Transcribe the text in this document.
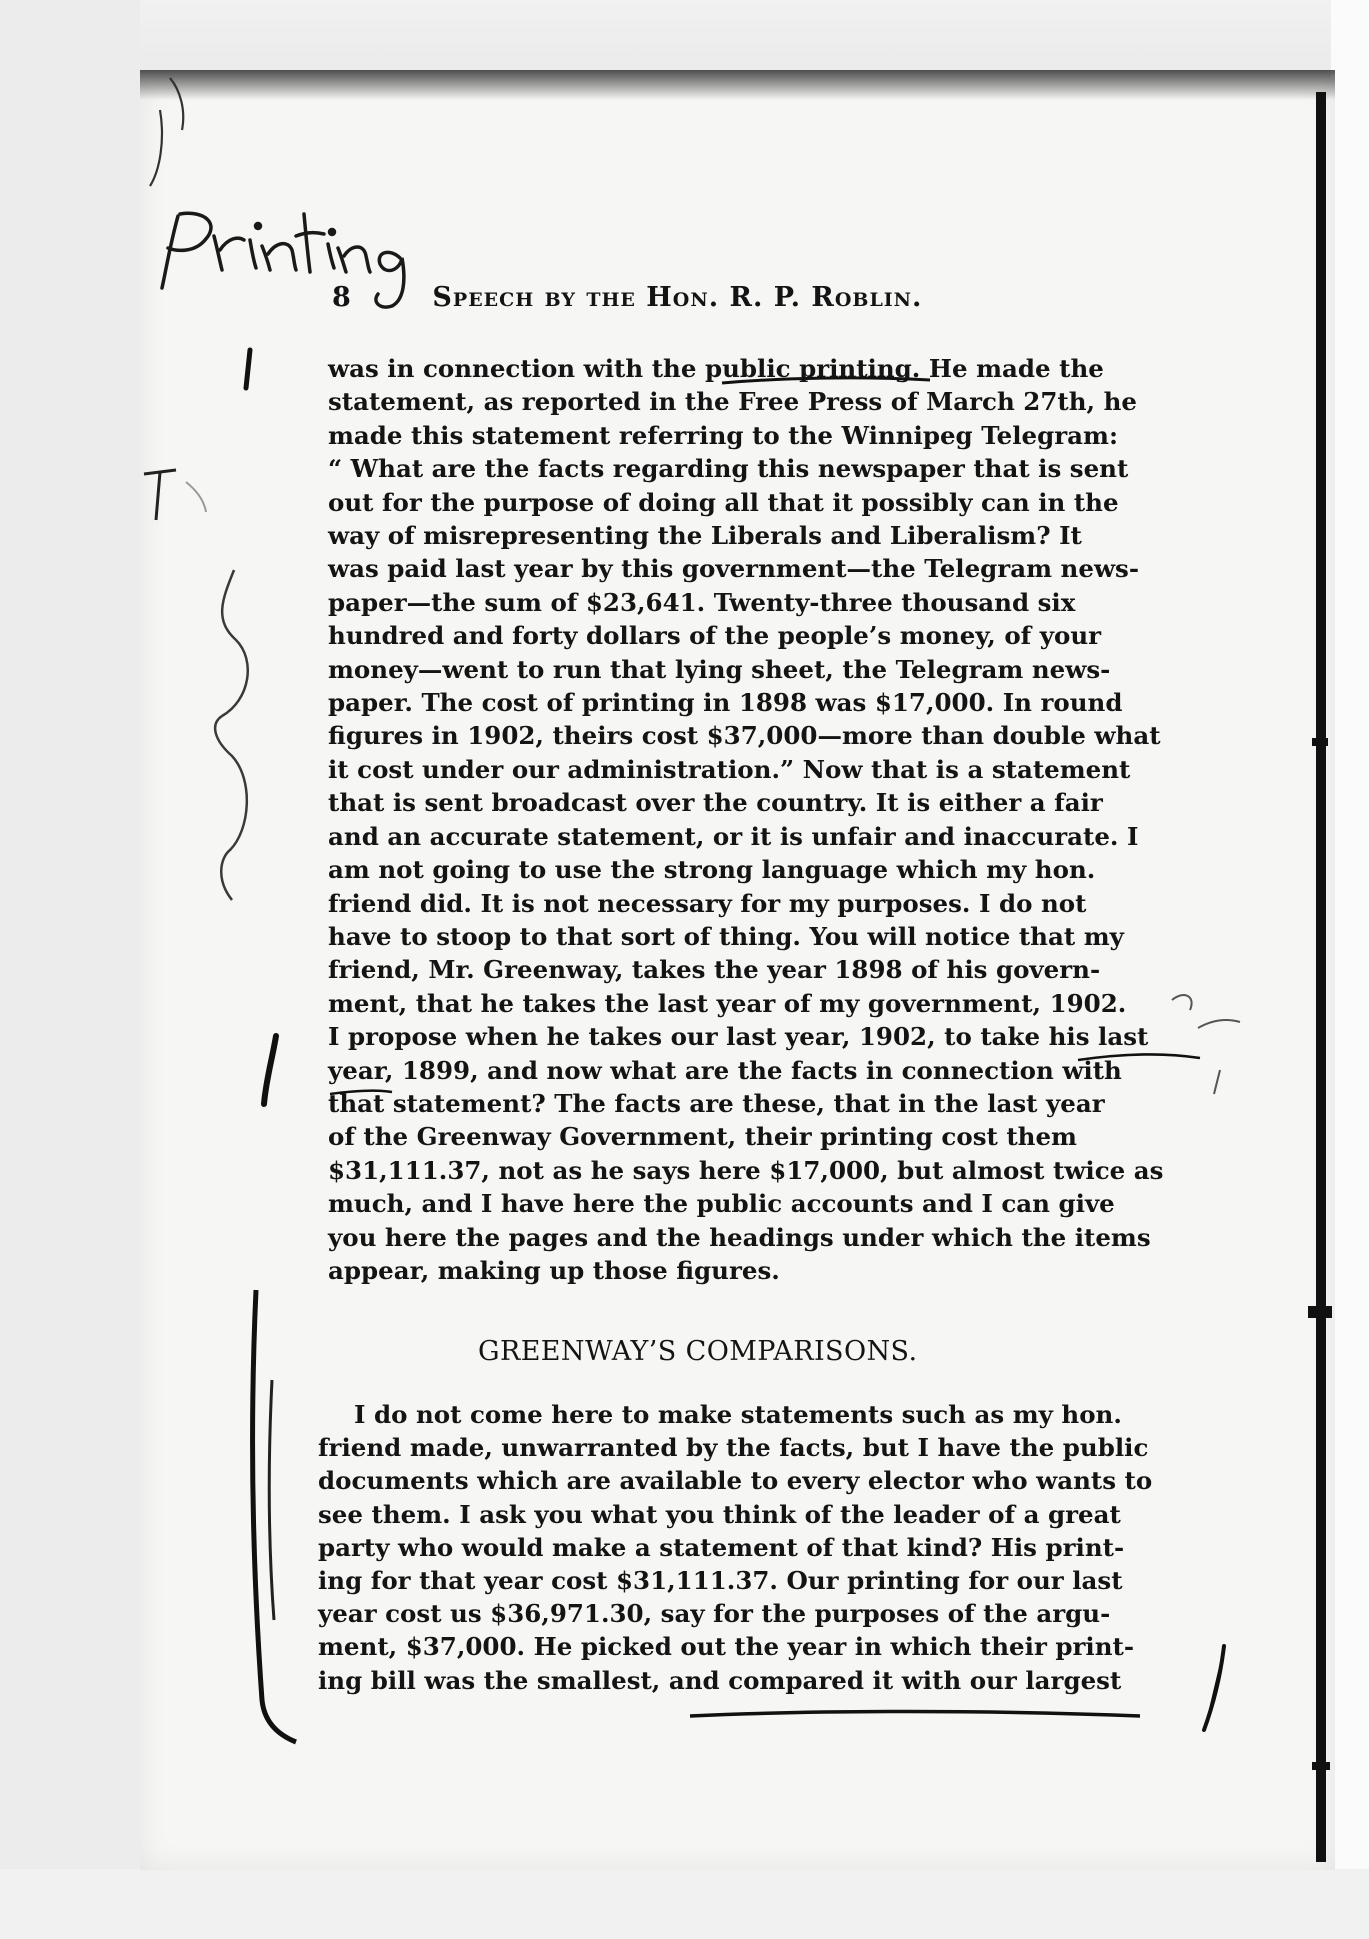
8	Speech by the Hon. R. P. Roblin.

was in connection with the public printing. He made the

statement, as reported in the Free Press of March 27th, he

made this statement referring to the Winnipeg Telegram:

“ What are the facts regarding this newspaper that is sent

out for the purpose of doing all that it possibly can in the

way of misrepresenting the Liberals and Liberalism? It

was paid last year by this government—the Telegram news-

paper—the sum of $23,641. Twenty-three thousand six

hundred and forty dollars of the people’s money, of your

money—went to run that lying sheet, the Telegram news-

paper. The cost of printing in 1898 was $17,000. In round

figures in 1902, theirs cost $37,000—more than double what

it cost under our administration.” Now that is a statement

that is sent broadcast over the country. It is either a fair

and an accurate statement, or it is unfair and inaccurate. I

am not going to use the strong language which my hon.

friend did. It is not necessary for my purposes. I do not

have to stoop to that sort of thing. You will notice that my

friend, Mr. Greenway, takes the year 1898 of his govern-

ment, that he takes the last year of my government, 1902.

I propose when he takes our last year, 1902, to take his last

year, 1899, and now what are the facts in connection with

that statement? The facts are these, that in the last year

of the Greenway Government, their printing cost them

$31,111.37, not as he says here $17,000, but almost twice as

much, and I have here the public accounts and I can give

you here the pages and the headings under which the items

appear, making up those figures.

GREENWAY’S COMPARISONS.

I do not come here to make statements such as my hon.

friend made, unwarranted by the facts, but I have the public

documents which are available to every elector who wants to

see them. I ask you what you think of the leader of a great

party who would make a statement of that kind? His print-

ing for that year cost $31,111.37. Our printing for our last

year cost us $36,971.30, say for the purposes of the argu-

ment, $37,000. He picked out the year in which their print-

ing bill was the smallest, and compared it with our largest
